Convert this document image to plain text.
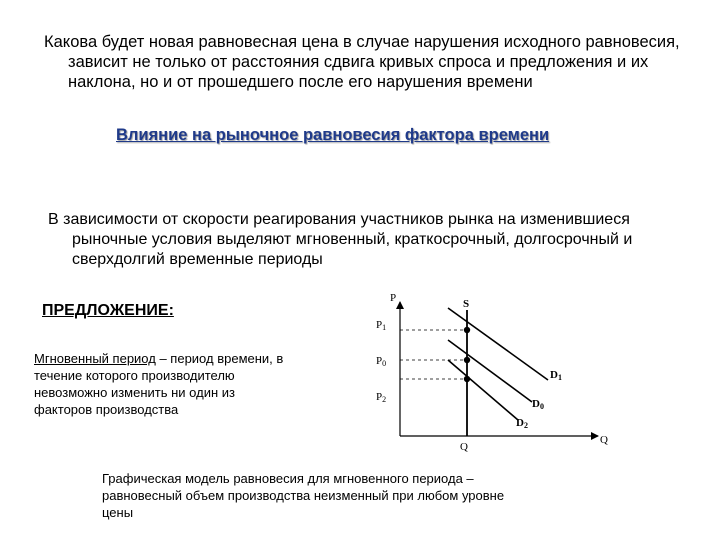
Какова будет новая равновесная цена в случае нарушения исходного равновесия, зависит не только от расстояния сдвига кривых спроса и предложения и их наклона, но и от прошедшего после его нарушения времени

Влияние на рыночное равновесия фактора времени

В зависимости от скорости реагирования участников рынка на изменившиеся рыночные условия выделяют мгновенный, краткосрочный, долгосрочный и сверхдолгий временные периоды

ПРЕДЛОЖЕНИЕ:

Мгновенный период – период времени, в течение которого производителю невозможно изменить ни один из факторов производства

P
Q
S
Q
P1
P0
P2
D1
D0
D2

Графическая модель равновесия для мгновенного периода – равновесный объем производства неизменный при любом уровне цены
